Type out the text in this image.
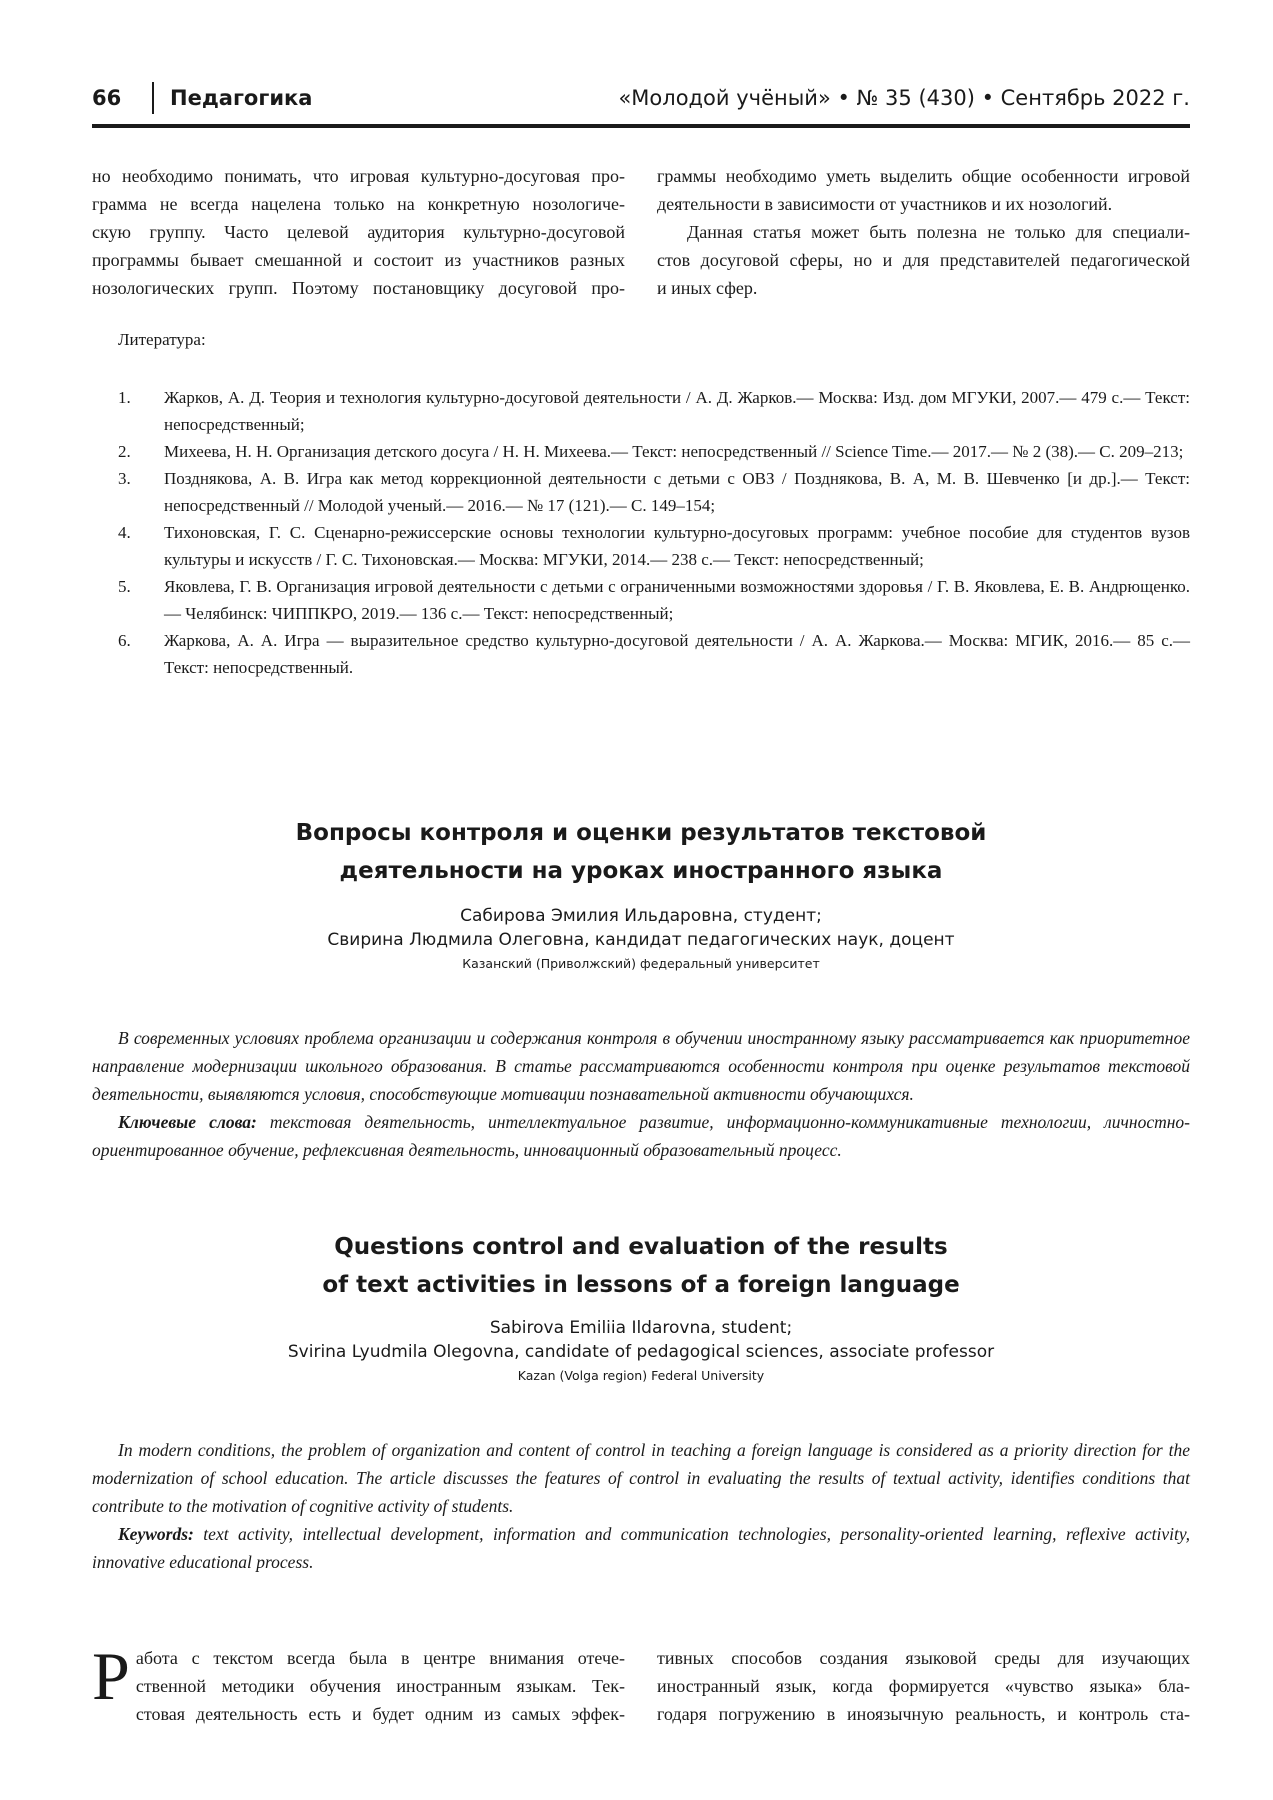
66 Педагогика	«Молодой учёный» • № 35 (430) • Сентябрь 2022 г.

но необходимо понимать, что игровая культурно-досуговая про-

грамма не всегда нацелена только на конкретную нозологиче-

скую группу. Часто целевой аудитория культурно-досуговой

программы бывает смешанной и состоит из участников разных

нозологических групп. Поэтому постановщику досуговой про-

граммы необходимо уметь выделить общие особенности игровой

деятельности в зависимости от участников и их нозологий.

Данная статья может быть полезна не только для специали-

стов досуговой сферы, но и для представителей педагогической

и иных сфер.

Литература:
1. Жарков, А. Д. Теория и технология культурно-досуговой деятельности / А. Д. Жарков.— Москва: Изд. дом МГУКИ, 2007.— 479 с.— Текст: непосредственный;
2. Михеева, Н. Н. Организация детского досуга / Н. Н. Михеева.— Текст: непосредственный // Science Time.— 2017.— № 2 (38).— С. 209–213;
3. Позднякова, А. В. Игра как метод коррекционной деятельности с детьми с ОВЗ / Позднякова, В. А, М. В. Шевченко [и др.].— Текст: непосредственный // Молодой ученый.— 2016.— № 17 (121).— С. 149–154;
4. Тихоновская, Г. С. Сценарно-режиссерские основы технологии культурно-досуговых программ: учебное пособие для студентов вузов культуры и искусств / Г. С. Тихоновская.— Москва: МГУКИ, 2014.— 238 с.— Текст: непосредственный;
5. Яковлева, Г. В. Организация игровой деятельности с детьми с ограниченными возможностями здоровья / Г. В. Яковлева, Е. В. Андрющенко.— Челябинск: ЧИППКРО, 2019.— 136 с.— Текст: непосредственный;
6. Жаркова, А. А. Игра — выразительное средство культурно-досуговой деятельности / А. А. Жаркова.— Москва: МГИК, 2016.— 85 с.— Текст: непосредственный.
Вопросы контроля и оценки результатов текстовой
деятельности на уроках иностранного языка
Сабирова Эмилия Ильдаровна, студент;
Свирина Людмила Олеговна, кандидат педагогических наук, доцент
Казанский (Приволжский) федеральный университет

В современных условиях проблема организации и содержания контроля в обучении иностранному языку рассматривается как приоритетное направление модернизации школьного образования. В статье рассматриваются особенности контроля при оценке результатов текстовой деятельности, выявляются условия, способствующие мотивации познавательной активности обучающихся.

Ключевые слова: текстовая деятельность, интеллектуальное развитие, информационно-коммуникативные технологии, личностно-ориентированное обучение, рефлексивная деятельность, инновационный образовательный процесс.

Questions control and evaluation of the results
of text activities in lessons of a foreign language
Sabirova Emiliia Ildarovna, student;
Svirina Lyudmila Olegovna, candidate of pedagogical sciences, associate professor
Kazan (Volga region) Federal University

In modern conditions, the problem of organization and content of control in teaching a foreign language is considered as a priority direction for the modernization of school education. The article discusses the features of control in evaluating the results of textual activity, identifies conditions that contribute to the motivation of cognitive activity of students.

Keywords: text activity, intellectual development, information and communication technologies, personality-oriented learning, reflexive activity, innovative educational process.

Р абота с текстом всегда была в центре внимания отече-

ственной методики обучения иностранным языкам. Тек-

стовая деятельность есть и будет одним из самых эффек-

тивных способов создания языковой среды для изучающих

иностранный язык, когда формируется «чувство языка» бла-

годаря погружению в иноязычную реальность, и контроль ста-
